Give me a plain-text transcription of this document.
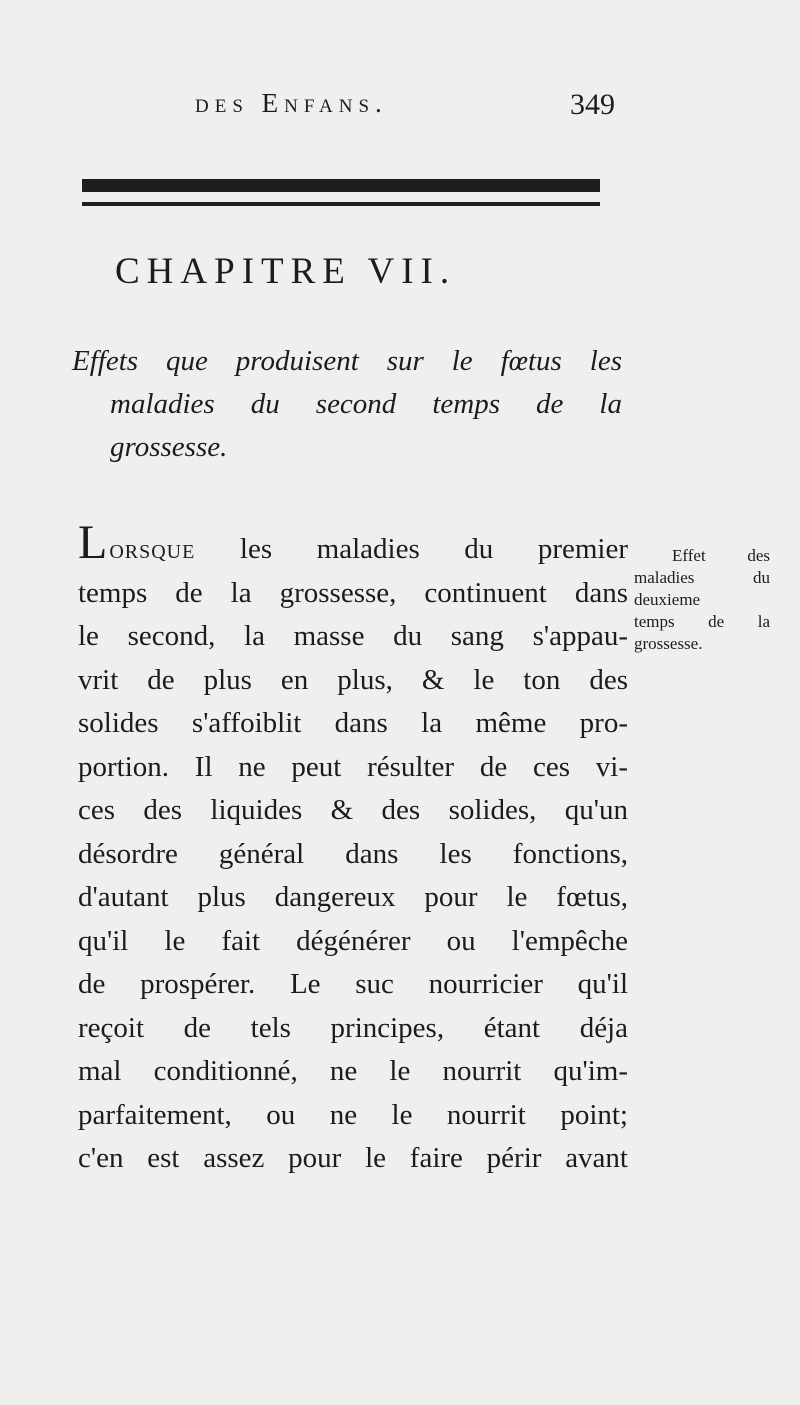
des Enfans.	349
CHAPITRE VII.
Effets que produisent sur le fœtus les
maladies du second temps de la
grossesse.
Lorsque les maladies du premier
temps de la grossesse, continuent dans
le second, la masse du sang s'appau-
vrit de plus en plus, & le ton des
solides s'affoiblit dans la même pro-
portion. Il ne peut résulter de ces vi-
ces des liquides & des solides, qu'un
désordre général dans les fonctions,
d'autant plus dangereux pour le fœtus,
qu'il le fait dégénérer ou l'empêche
de prospérer. Le suc nourricier qu'il
reçoit de tels principes, étant déja
mal conditionné, ne le nourrit qu'im-
parfaitement, ou ne le nourrit point;
c'en est assez pour le faire périr avant
Effet des
maladies du
deuxieme
temps de la
grossesse.
